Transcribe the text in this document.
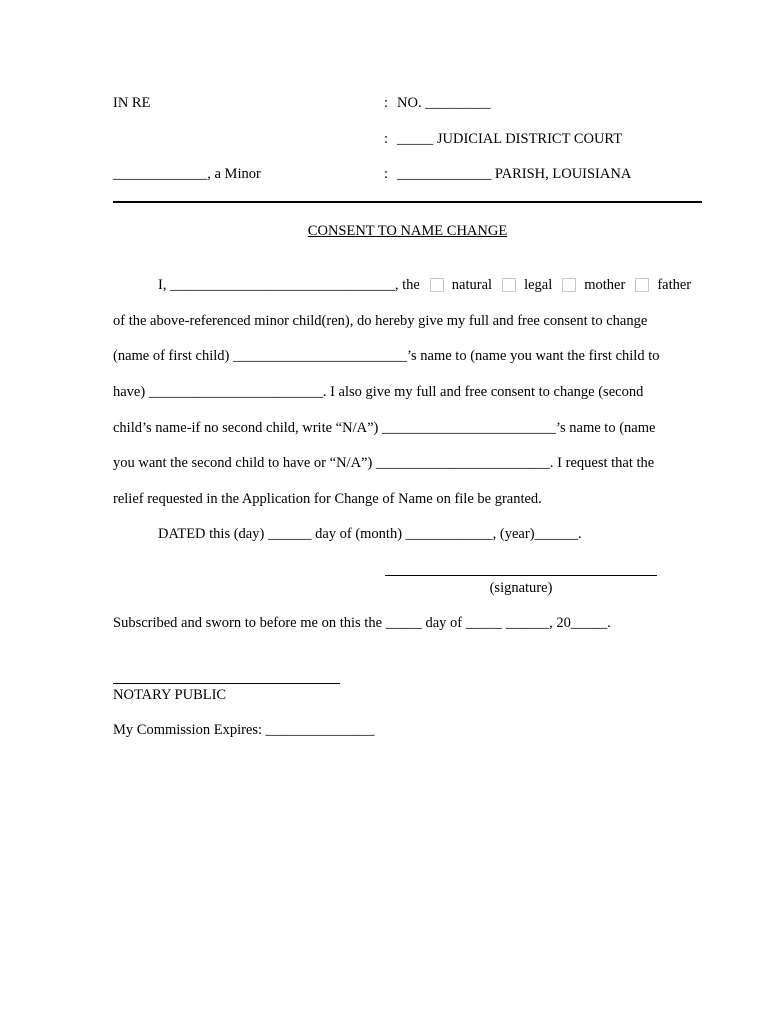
IN RE	: NO. _________
: _____ JUDICIAL DISTRICT COURT
_____________, a Minor	: _____________ PARISH, LOUISIANA
CONSENT TO NAME CHANGE
I, _______________________________, the natural legal mother father
of the above-referenced minor child(ren), do hereby give my full and free consent to change
(name of first child) ________________________’s name to (name you want the first child to
have) ________________________. I also give my full and free consent to change (second
child’s name-if no second child, write “N/A”) ________________________’s name to (name
you want the second child to have or “N/A”) ________________________. I request that the
relief requested in the Application for Change of Name on file be granted.
DATED this (day) ______ day of (month) ____________, (year)______.
(signature)
Subscribed and sworn to before me on this the _____ day of _____ ______, 20_____.
NOTARY PUBLIC
My Commission Expires: _______________
